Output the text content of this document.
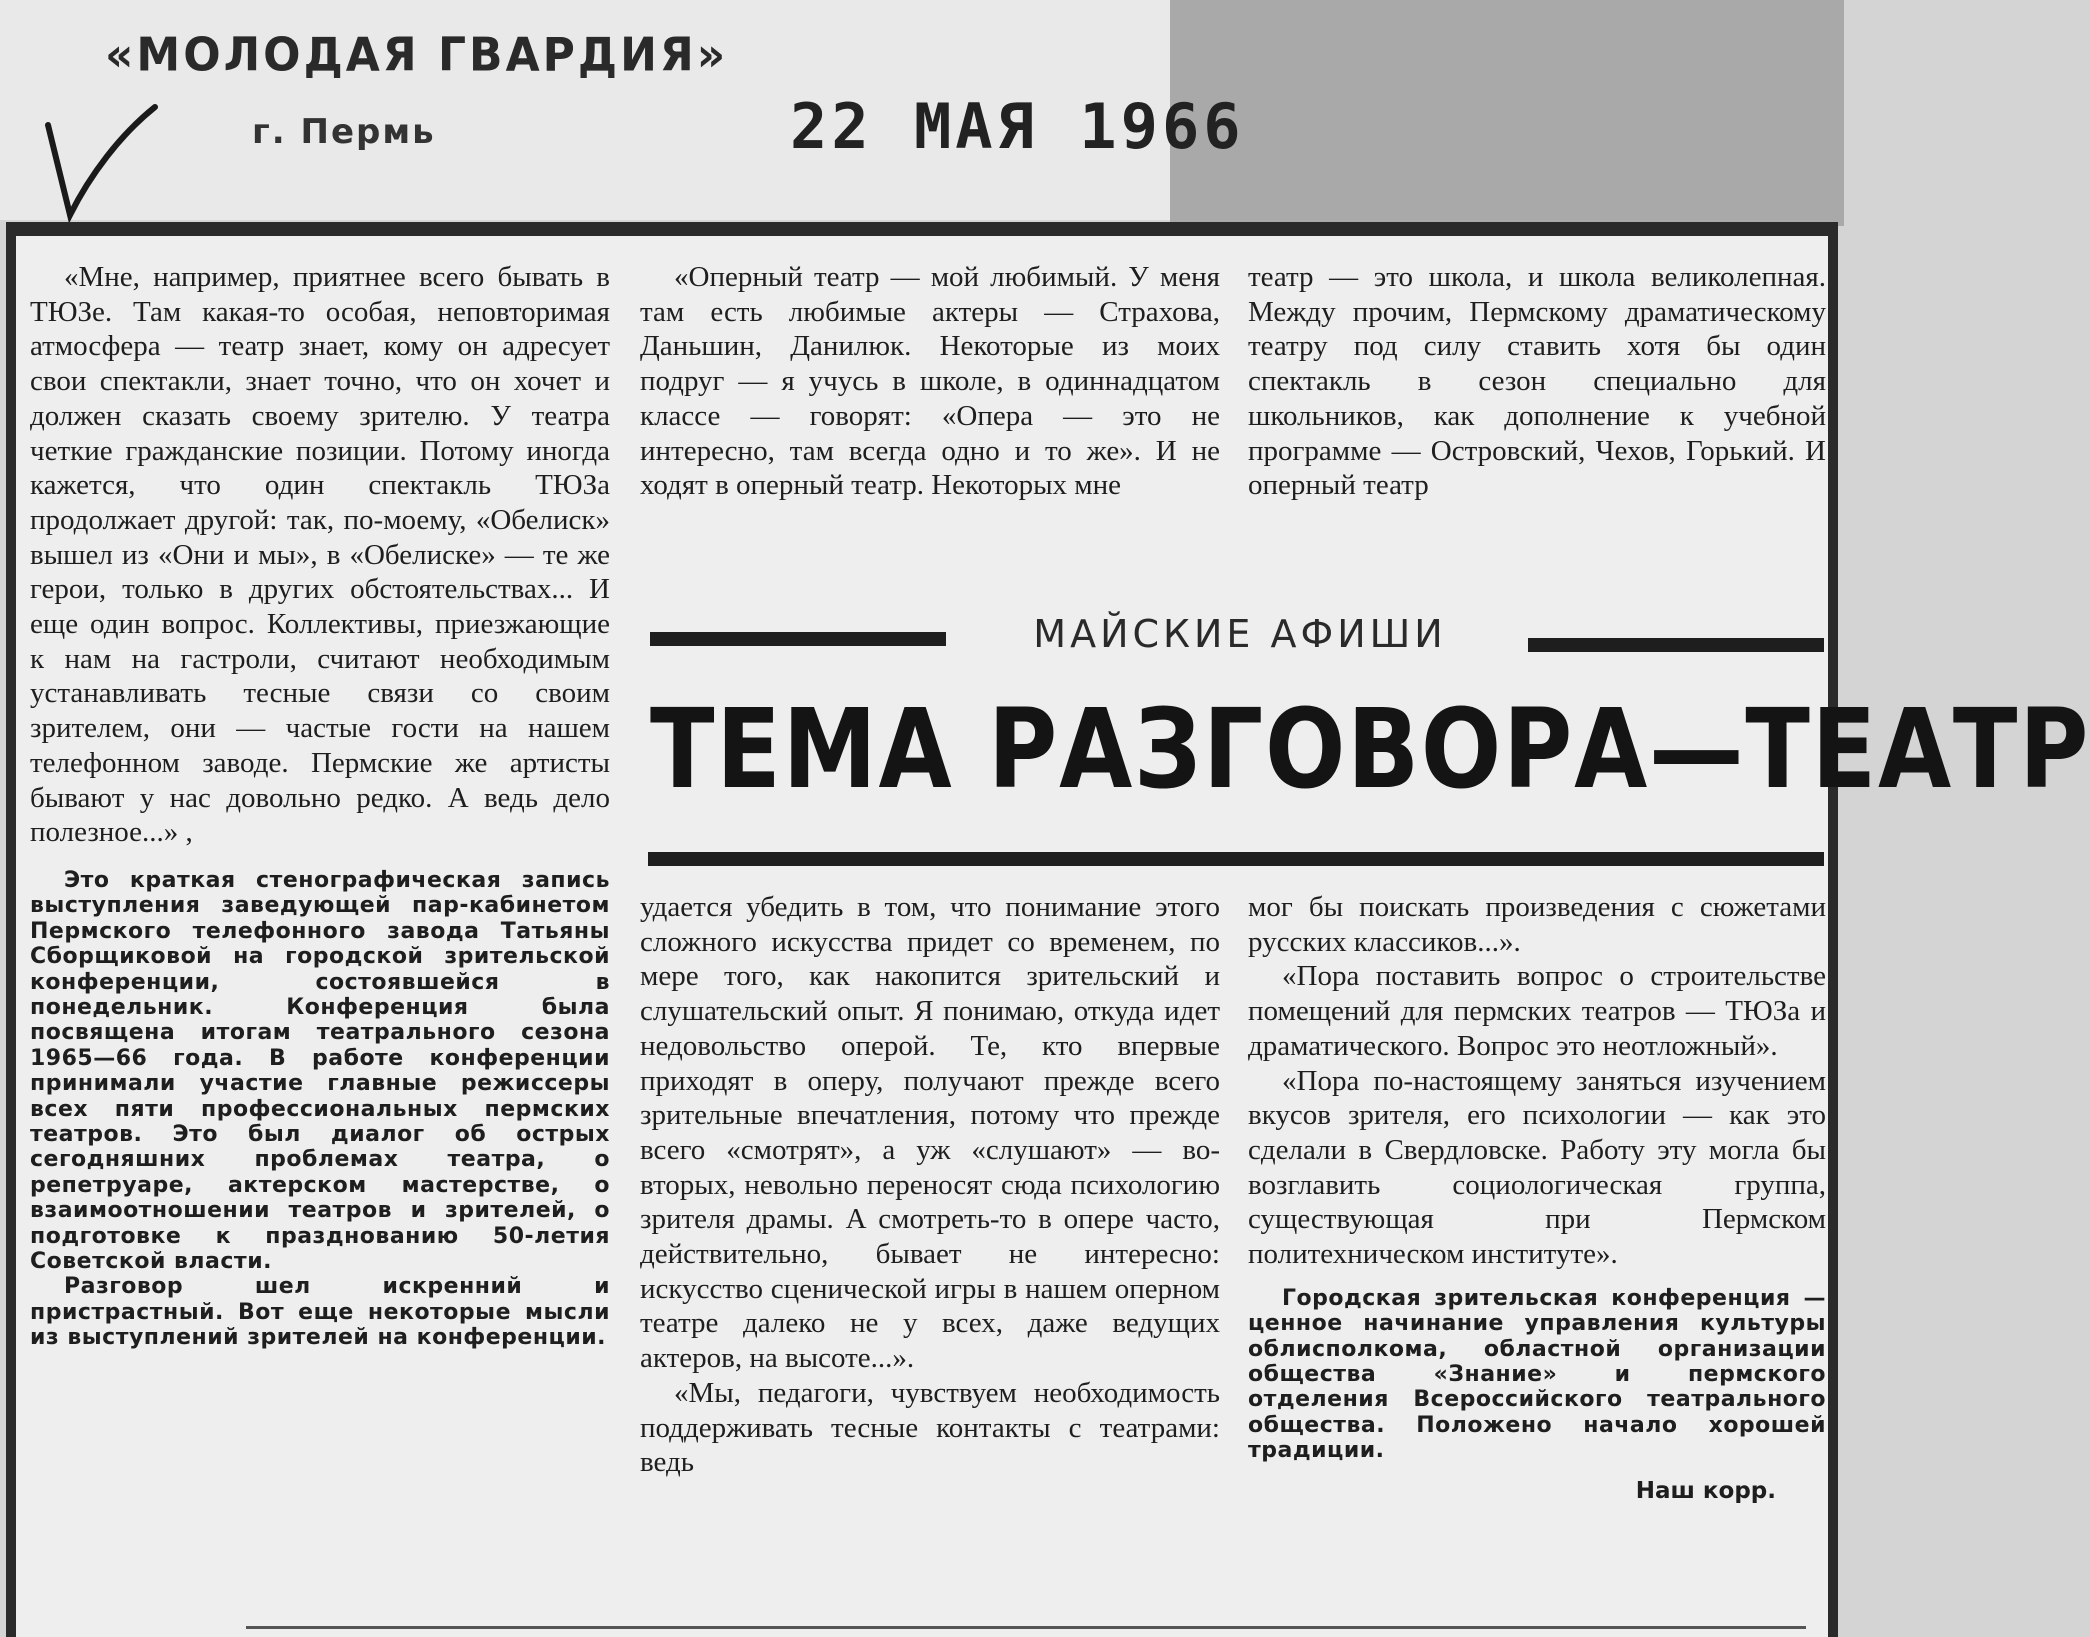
«МОЛОДАЯ ГВАРДИЯ»
г. Пермь	22 МАЯ 1966

«Мне, например, приятнее всего бывать в ТЮЗе. Там какая-то особая, неповторимая атмосфера — театр знает, кому он адресует свои спектакли, знает точно, что он хочет и должен сказать своему зрителю. У театра четкие гражданские позиции. Потому иногда кажется, что один спектакль ТЮЗа продолжает другой: так, по-моему, «Обелиск» вышел из «Они и мы», в «Обелиске» — те же герои, только в других обстоятельствах... И еще один вопрос. Коллективы, приезжающие к нам на гастроли, считают необходимым устанавливать тесные связи со своим зрителем, они — частые гости на нашем телефонном заводе. Пермские же артисты бывают у нас довольно редко. А ведь дело полезное...» ,

Это краткая стенографическая запись выступления заведующей пар-кабинетом Пермского телефонного завода Татьяны Сборщиковой на городской зрительской конференции, состоявшейся в понедельник. Конференция была посвящена итогам театрального сезона 1965—66 года. В работе конференции принимали участие главные режиссеры всех пяти профессиональных пермских театров. Это был диалог об острых сегодняшних проблемах театра, о репетруаре, актерском мастерстве, о взаимоотношении театров и зрителей, о подготовке к празднованию 50-летия Советской власти.

Разговор шел искренний и пристрастный. Вот еще некоторые мысли из выступлений зрителей на конференции.

«Оперный театр — мой любимый. У меня там есть любимые актеры — Страхова, Даньшин, Данилюк. Некоторые из моих подруг — я учусь в школе, в одиннадцатом классе — говорят: «Опера — это не интересно, там всегда одно и то же». И не ходят в оперный театр. Некоторых мне

театр — это школа, и школа великолепная. Между прочим, Пермскому драматическому театру под силу ставить хотя бы один спектакль в сезон специально для школьников, как дополнение к учебной программе — Островский, Чехов, Горький. И оперный театр

МАЙСКИЕ АФИШИ
ТЕМА РАЗГОВОРА—ТЕАТР

удается убедить в том, что понимание этого сложного искусства придет со временем, по мере того, как накопится зрительский и слушательский опыт. Я понимаю, откуда идет недовольство оперой. Те, кто впервые приходят в оперу, получают прежде всего зрительные впечатления, потому что прежде всего «смотрят», а уж «слушают» — во-вторых, невольно переносят сюда психологию зрителя драмы. А смотреть-то в опере часто, действительно, бывает не интересно: искусство сценической игры в нашем оперном театре далеко не у всех, даже ведущих актеров, на высоте...».

«Мы, педагоги, чувствуем необходимость поддерживать тесные контакты с театрами: ведь

мог бы поискать произведения с сюжетами русских классиков...».

«Пора поставить вопрос о строительстве помещений для пермских театров — ТЮЗа и драматического. Вопрос это неотложный».

«Пора по-настоящему заняться изучением вкусов зрителя, его психологии — как это сделали в Свердловске. Работу эту могла бы возглавить социологическая группа, существующая при Пермском политехническом институте».

Городская зрительская конференция — ценное начинание управления культуры облисполкома, областной организации общества «Знание» и пермского отделения Всероссийского театрального общества. Положено начало хорошей традиции.

Наш корр.
